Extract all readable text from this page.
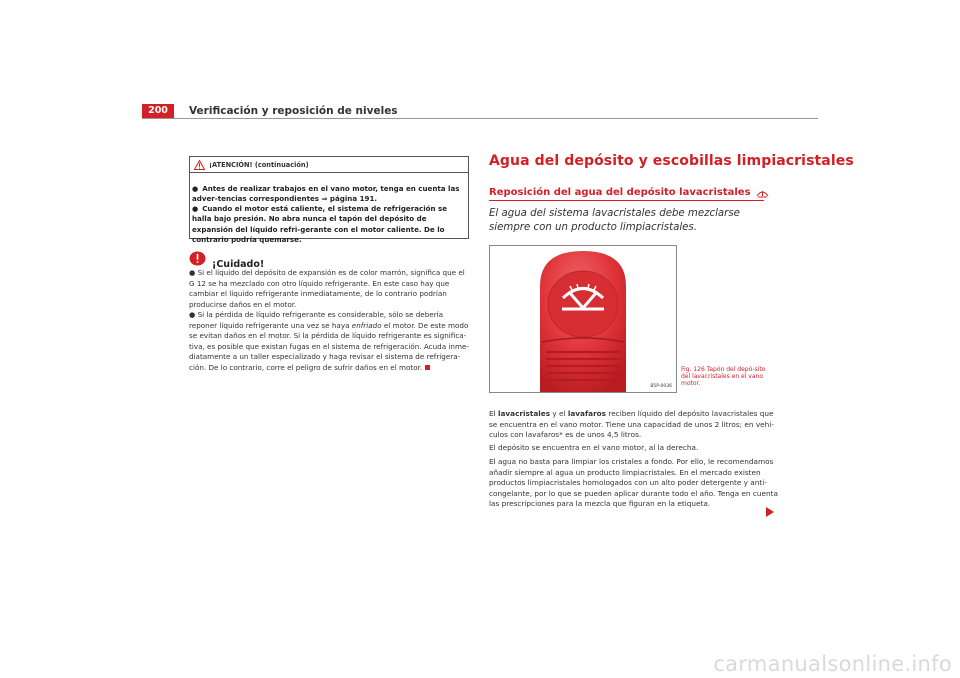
200	Verificación y reposición de niveles
¡ATENCIÓN! (continuación)
● Antes de realizar trabajos en el vano motor, tenga en cuenta las adver-tencias correspondientes ⇒ página 191.
● Cuando el motor está caliente, el sistema de refrigeración se halla bajo presión. No abra nunca el tapón del depósito de expansión del líquido refri-gerante con el motor caliente. De lo contrario podría quemarse.
¡Cuidado!
● Si el líquido del depósito de expansión es de color marrón, significa que el G 12 se ha mezclado con otro líquido refrigerante. En este caso hay que cambiar el líquido refrigerante inmediatamente, de lo contrario podrían producirse daños en el motor.
● Si la pérdida de líquido refrigerante es considerable, sólo se debería reponer líquido refrigerante una vez se haya enfriado el motor. De este modo se evitan daños en el motor. Si la pérdida de líquido refrigerante es significa-tiva, es posible que existan fugas en el sistema de refrigeración. Acuda inme-diatamente a un taller especializado y haga revisar el sistema de refrigera-ción. De lo contrario, corre el peligro de sufrir daños en el motor.
Agua del depósito y escobillas limpiacristales
Reposición del agua del depósito lavacristales
El agua del sistema lavacristales debe mezclarse siempre con un producto limpiacristales.
B5P-0036
Fig. 126 Tapón del depó-sito del lavacristales en el vano motor.
El lavacristales y el lavafaros reciben líquido del depósito lavacristales que se encuentra en el vano motor. Tiene una capacidad de unos 2 litros; en vehí-culos con lavafaros* es de unos 4,5 litros.
El depósito se encuentra en el vano motor, al la derecha.
El agua no basta para limpiar los cristales a fondo. Por ello, le recomendamos añadir siempre al agua un producto limpiacristales. En el mercado existen productos limpiacristales homologados con un alto poder detergente y anti-congelante, por lo que se pueden aplicar durante todo el año. Tenga en cuenta las prescripciones para la mezcla que figuran en la etiqueta.
carmanualsonline.info
